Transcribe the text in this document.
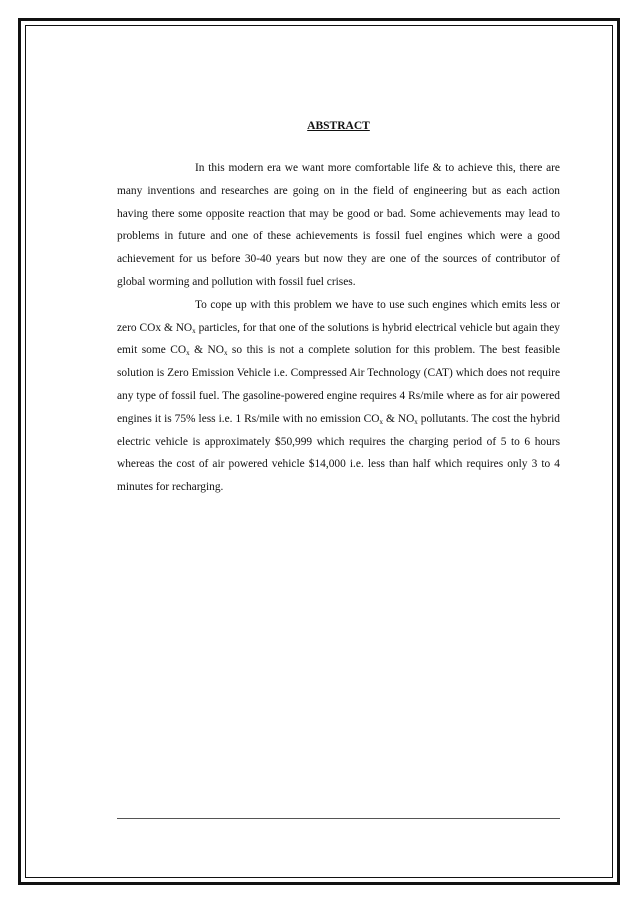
ABSTRACT

In this modern era we want more comfortable life & to achieve this, there are many inventions and researches are going on in the field of engineering but as each action having there some opposite reaction that may be good or bad. Some achievements may lead to problems in future and one of these achievements is fossil fuel engines which were a good achievement for us before 30-40 years but now they are one of the sources of contributor of global worming and pollution with fossil fuel crises.

To cope up with this problem we have to use such engines which emits less or zero COx & $NO_x$ particles, for that one of the solutions is hybrid electrical vehicle but again they emit some $CO_x$ & $NO_x$ so this is not a complete solution for this problem. The best feasible solution is Zero Emission Vehicle i.e. Compressed Air Technology (CAT) which does not require any type of fossil fuel. The gasoline-powered engine requires 4 Rs/mile where as for air powered engines it is 75% less i.e. 1 Rs/mile with no emission $CO_x$ & $NO_x$ pollutants. The cost the hybrid electric vehicle is approximately $50,999 which requires the charging period of 5 to 6 hours whereas the cost of air powered vehicle $14,000 i.e. less than half which requires only 3 to 4 minutes for recharging.
